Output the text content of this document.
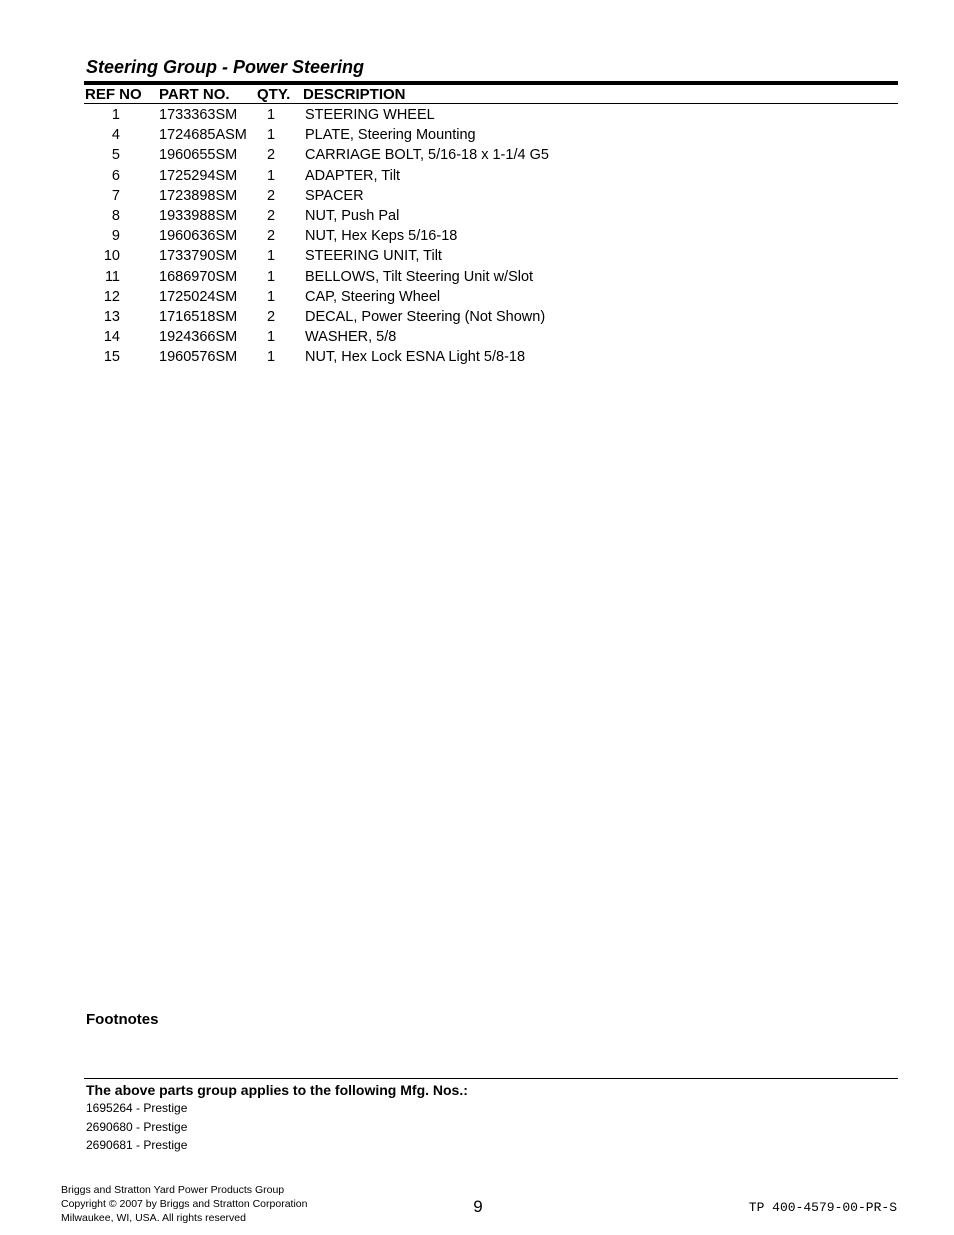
Steering Group - Power Steering
REF NO PART NO. QTY. DESCRIPTION
1	1733363SM 1 STEERING WHEEL
4	1724685ASM 1 PLATE, Steering Mounting
5	1960655SM 2 CARRIAGE BOLT, 5/16-18 x 1-1/4 G5
6	1725294SM 1 ADAPTER, Tilt
7	1723898SM 2 SPACER
8	1933988SM 2 NUT, Push Pal
9	1960636SM 2 NUT, Hex Keps 5/16-18
10	1733790SM 1 STEERING UNIT, Tilt
11	1686970SM 1 BELLOWS, Tilt Steering Unit w/Slot
12	1725024SM 1 CAP, Steering Wheel
13	1716518SM 2 DECAL, Power Steering (Not Shown)
14	1924366SM 1 WASHER, 5/8
15	1960576SM 1 NUT, Hex Lock ESNA Light 5/8-18
Footnotes
The above parts group applies to the following Mfg. Nos.:
1695264 - Prestige
2690680 - Prestige
2690681 - Prestige
Briggs and Stratton Yard Power Products Group
Copyright © 2007 by Briggs and Stratton Corporation
Milwaukee, WI, USA. All rights reserved
9	TP 400-4579-00-PR-S
